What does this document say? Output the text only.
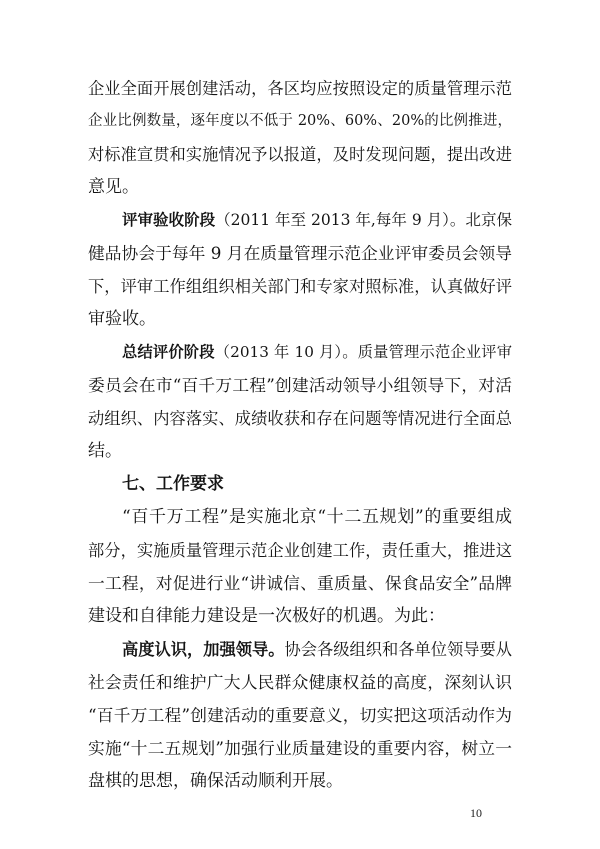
企业全面开展创建活动，各区均应按照设定的质量管理示范
企业比例数量，逐年度以不低于 20%、60%、20%的比例推进，
对标准宣贯和实施情况予以报道，及时发现问题，提出改进
意见。
评审验收阶段（2011 年至 2013 年,每年 9 月）。北京保
健品协会于每年 9 月在质量管理示范企业评审委员会领导
下，评审工作组组织相关部门和专家对照标准，认真做好评
审验收。
总结评价阶段（2013 年 10 月）。质量管理示范企业评审
委员会在市“百千万工程”创建活动领导小组领导下，对活
动组织、内容落实、成绩收获和存在问题等情况进行全面总
结。
七、工作要求
“百千万工程”是实施北京“十二五规划”的重要组成
部分，实施质量管理示范企业创建工作，责任重大，推进这
一工程，对促进行业“讲诚信、重质量、保食品安全”品牌
建设和自律能力建设是一次极好的机遇。为此：
高度认识，加强领导。协会各级组织和各单位领导要从
社会责任和维护广大人民群众健康权益的高度，深刻认识
“百千万工程”创建活动的重要意义，切实把这项活动作为
实施“十二五规划”加强行业质量建设的重要内容，树立一
盘棋的思想，确保活动顺利开展。
10
